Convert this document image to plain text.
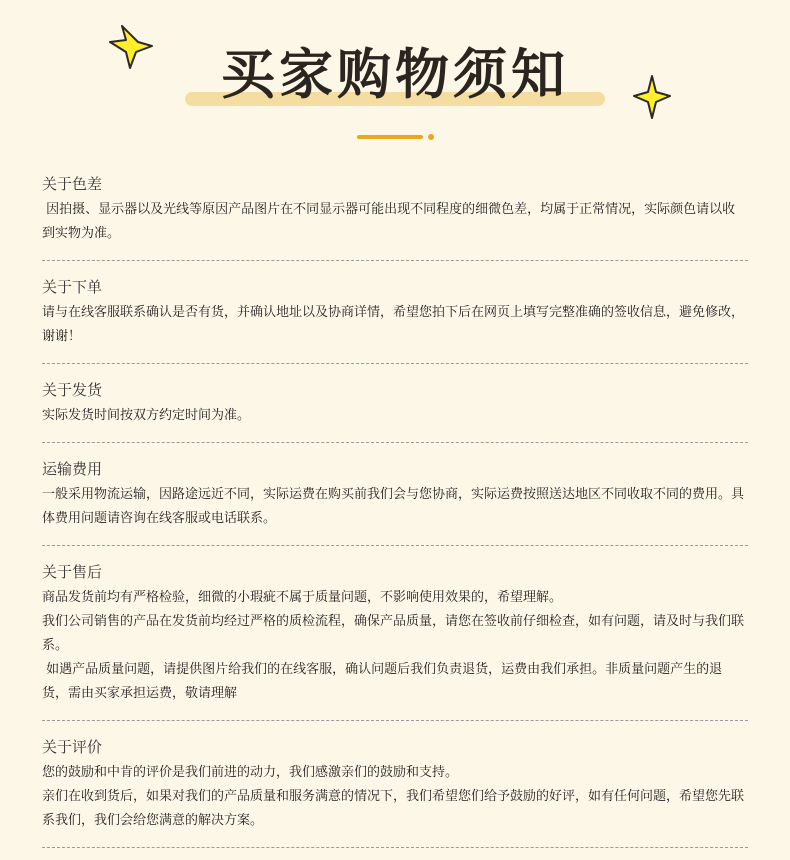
买家购物须知
关于色差

因拍摄、显示器以及光线等原因产品图片在不同显示器可能出现不同程度的细微色差，均属于正常情况，实际颜色请以收到实物为准。

关于下单

请与在线客服联系确认是否有货，并确认地址以及协商详情，希望您拍下后在网页上填写完整准确的签收信息，避免修改，谢谢！

关于发货

实际发货时间按双方约定时间为准。

运输费用

一般采用物流运输，因路途远近不同，实际运费在购买前我们会与您协商，实际运费按照送达地区不同收取不同的费用。具体费用问题请咨询在线客服或电话联系。

关于售后

商品发货前均有严格检验，细微的小瑕疵不属于质量问题，不影响使用效果的，希望理解。

我们公司销售的产品在发货前均经过严格的质检流程，确保产品质量，请您在签收前仔细检查，如有问题，请及时与我们联系。

如遇产品质量问题，请提供图片给我们的在线客服，确认问题后我们负责退货，运费由我们承担。非质量问题产生的退货，需由买家承担运费，敬请理解

关于评价

您的鼓励和中肯的评价是我们前进的动力，我们感激亲们的鼓励和支持。

亲们在收到货后，如果对我们的产品质量和服务满意的情况下，我们希望您们给予鼓励的好评，如有任何问题，希望您先联系我们，我们会给您满意的解决方案。
